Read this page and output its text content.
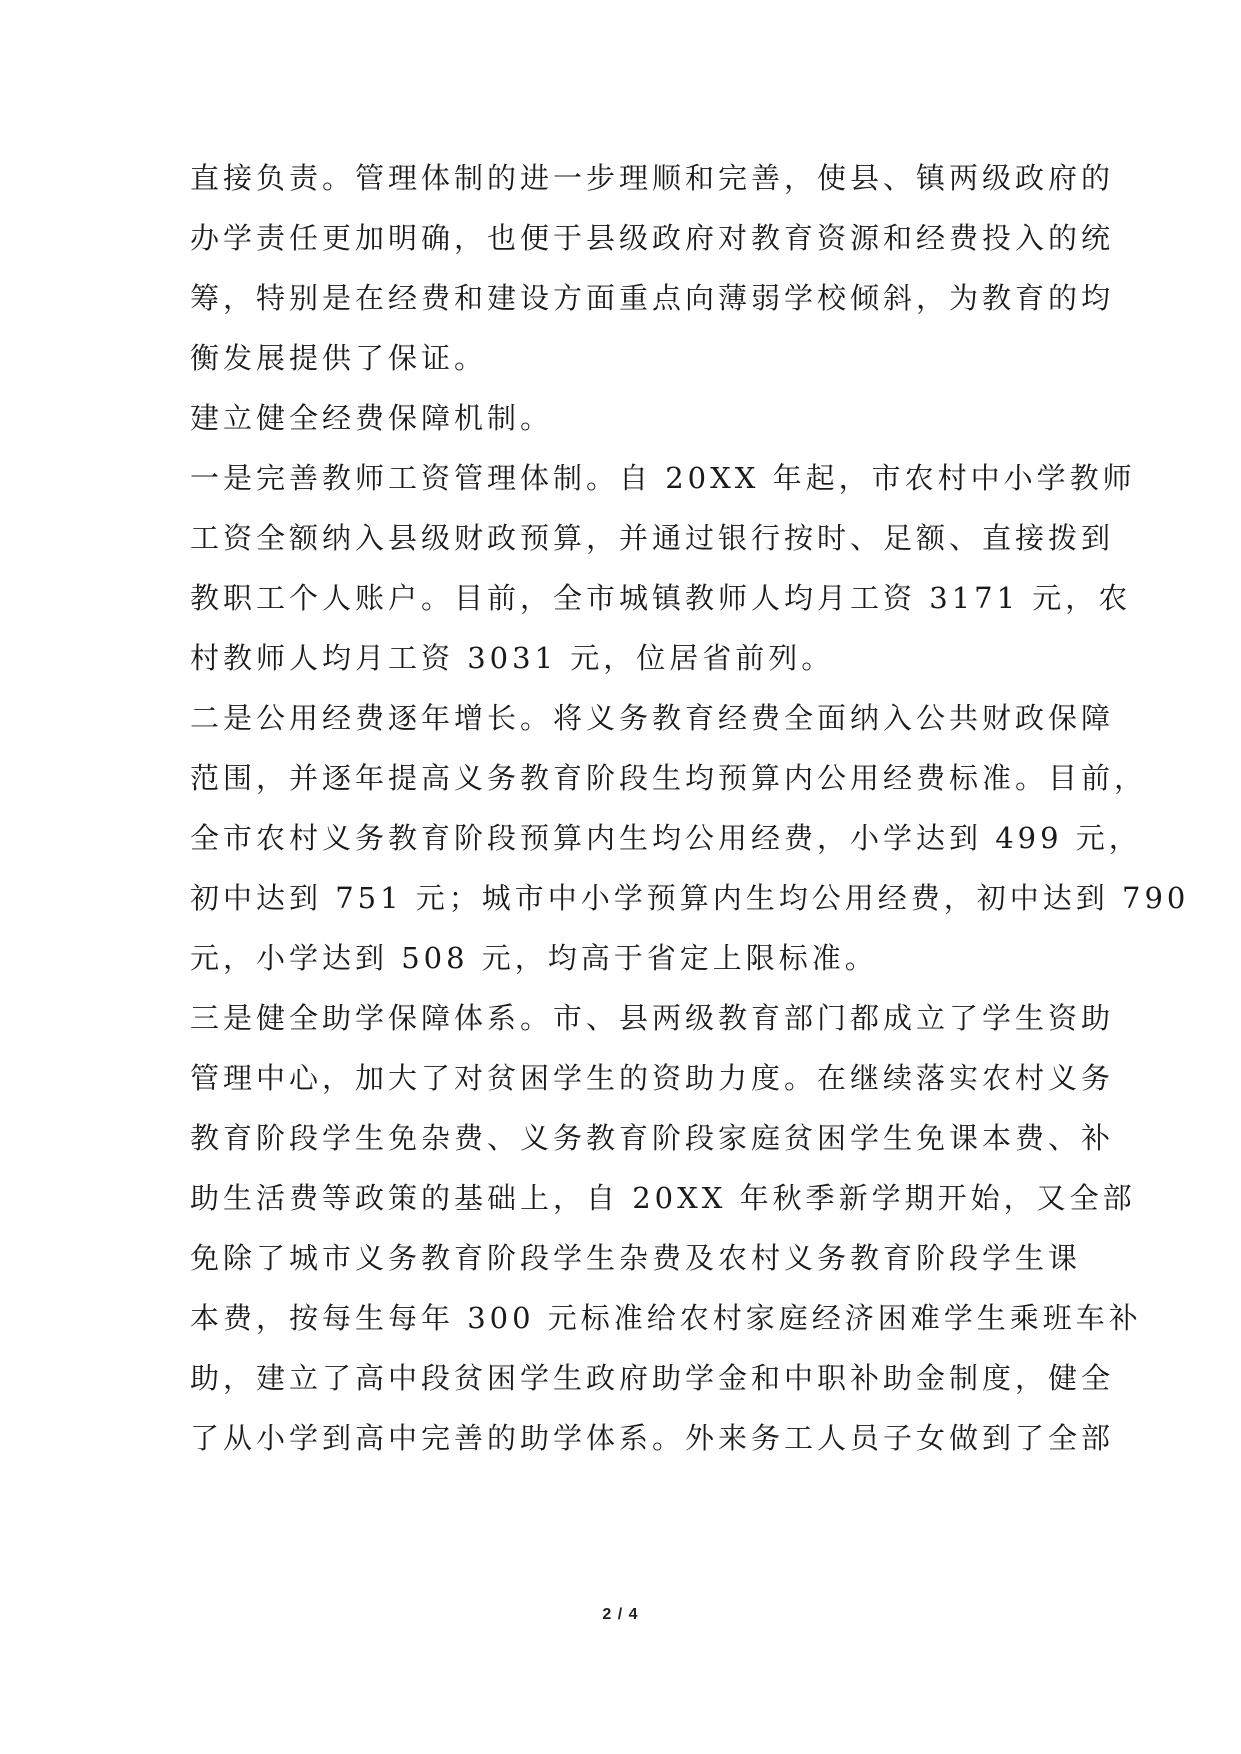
直接负责。管理体制的进一步理顺和完善，使县、镇两级政府的
办学责任更加明确，也便于县级政府对教育资源和经费投入的统
筹，特别是在经费和建设方面重点向薄弱学校倾斜，为教育的均
衡发展提供了保证。
建立健全经费保障机制。
一是完善教师工资管理体制。自 20XX 年起，市农村中小学教师
工资全额纳入县级财政预算，并通过银行按时、足额、直接拨到
教职工个人账户。目前，全市城镇教师人均月工资 3171 元，农
村教师人均月工资 3031 元，位居省前列。
二是公用经费逐年增长。将义务教育经费全面纳入公共财政保障
范围，并逐年提高义务教育阶段生均预算内公用经费标准。目前，
全市农村义务教育阶段预算内生均公用经费，小学达到 499 元，
初中达到 751 元；城市中小学预算内生均公用经费，初中达到 790
元，小学达到 508 元，均高于省定上限标准。
三是健全助学保障体系。市、县两级教育部门都成立了学生资助
管理中心，加大了对贫困学生的资助力度。在继续落实农村义务
教育阶段学生免杂费、义务教育阶段家庭贫困学生免课本费、补
助生活费等政策的基础上，自 20XX 年秋季新学期开始，又全部
免除了城市义务教育阶段学生杂费及农村义务教育阶段学生课
本费，按每生每年 300 元标准给农村家庭经济困难学生乘班车补
助，建立了高中段贫困学生政府助学金和中职补助金制度，健全
了从小学到高中完善的助学体系。外来务工人员子女做到了全部

2 / 4
